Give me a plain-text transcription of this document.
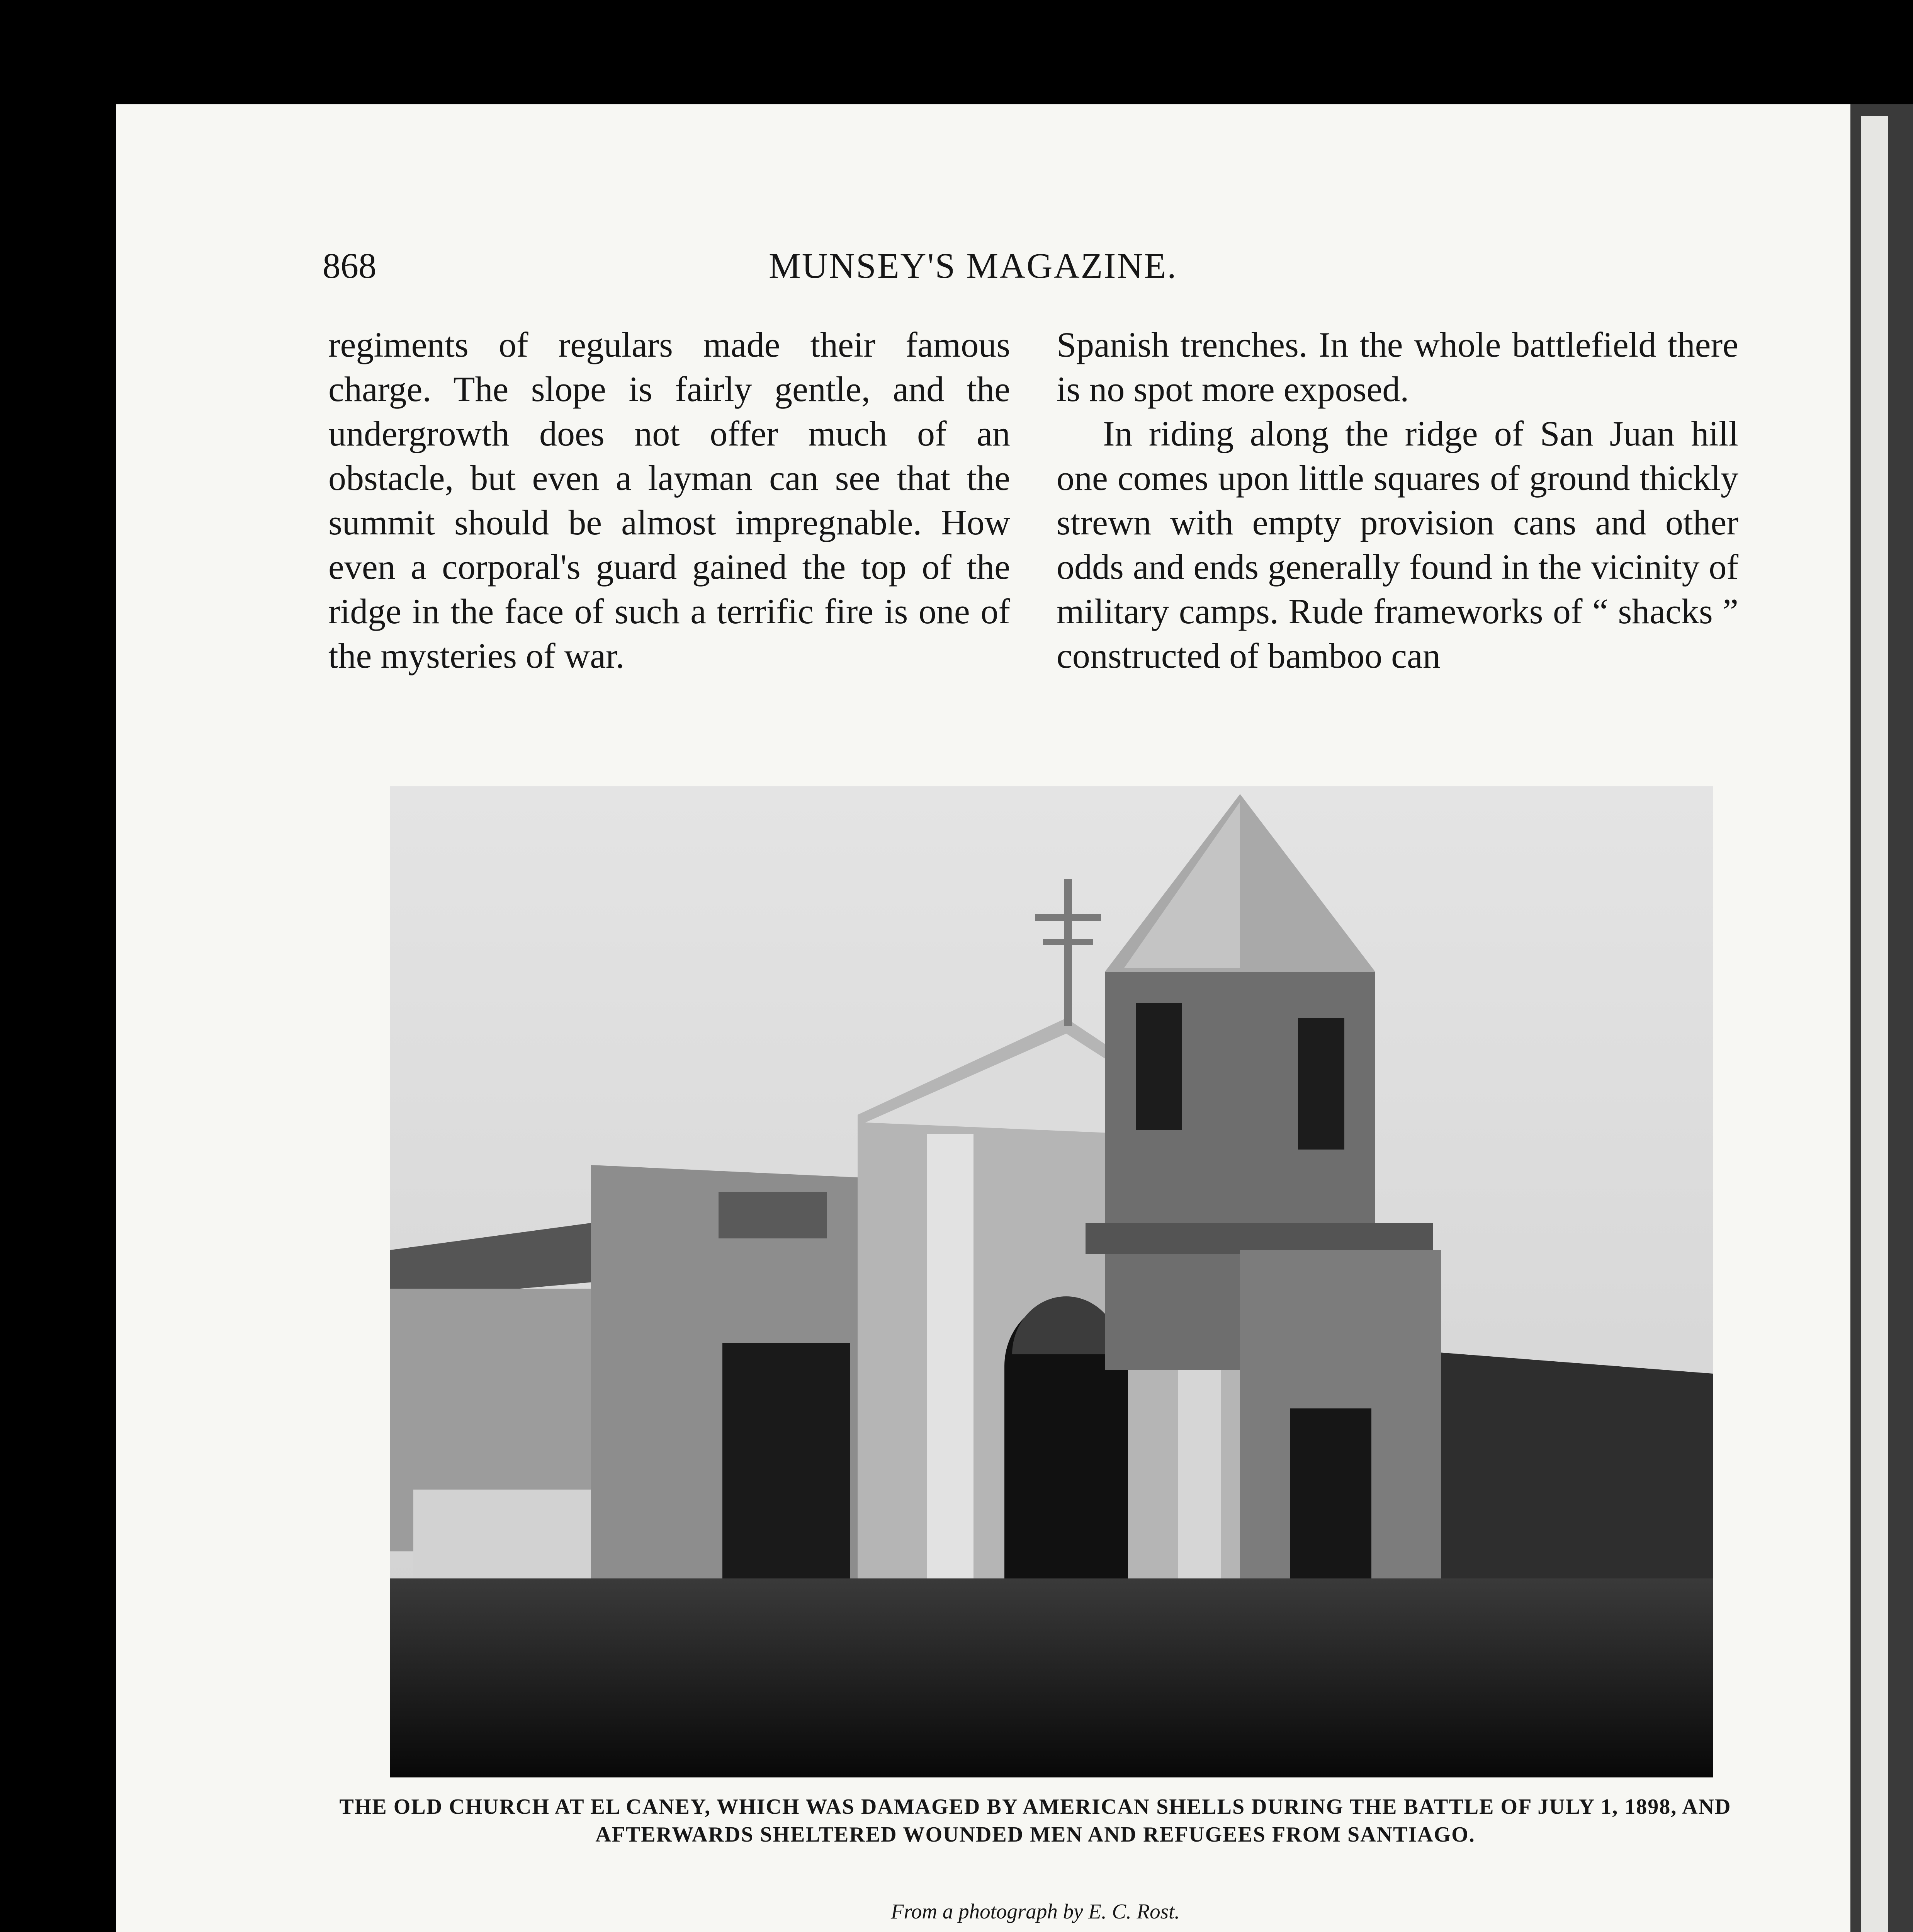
868	MUNSEY'S MAGAZINE.

regiments of regulars made their famous charge. The slope is fairly gentle, and the undergrowth does not offer much of an obstacle, but even a layman can see that the summit should be almost impregnable. How even a corporal's guard gained the top of the ridge in the face of such a terrific fire is one of the mysteries of war.

Spanish trenches. In the whole battlefield there is no spot more exposed.

In riding along the ridge of San Juan hill one comes upon little squares of ground thickly strewn with empty provision cans and other odds and ends generally found in the vicinity of military camps. Rude frameworks of “ shacks ” constructed of bamboo can

THE OLD CHURCH AT EL CANEY, WHICH WAS DAMAGED BY AMERICAN SHELLS DURING THE BATTLE OF JULY 1, 1898, AND AFTERWARDS SHELTERED WOUNDED MEN AND REFUGEES FROM SANTIAGO.
From a photograph by E. C. Rost.
